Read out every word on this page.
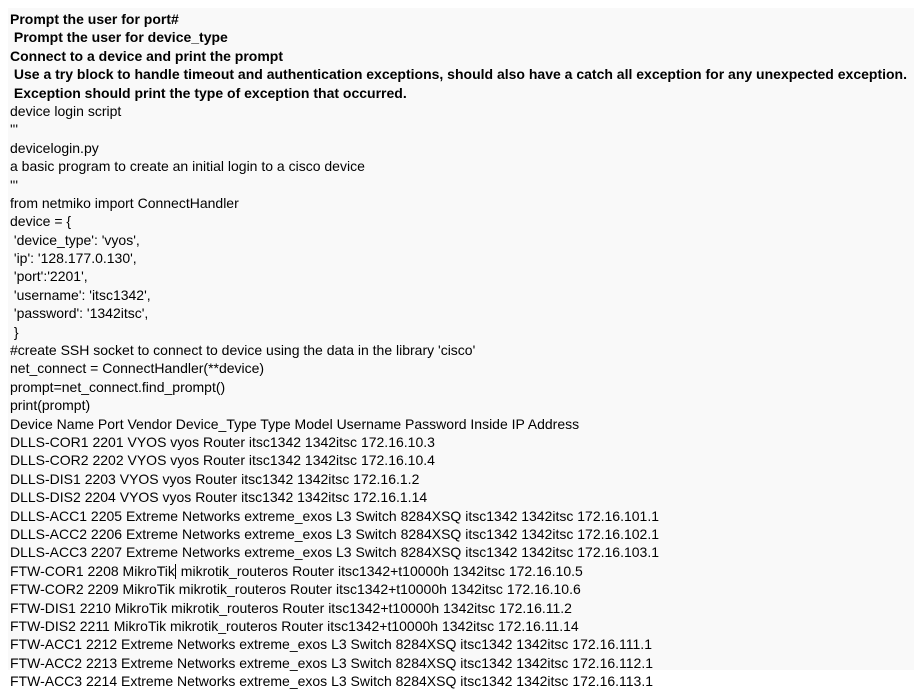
Prompt the user for port#
Prompt the user for device_type
Connect to a device and print the prompt
Use a try block to handle timeout and authentication exceptions, should also have a catch all exception for any unexpected exception.
Exception should print the type of exception that occurred.
device login script
'''
devicelogin.py
a basic program to create an initial login to a cisco device
'''
from netmiko import ConnectHandler
device = {
'device_type': 'vyos',
'ip': '128.177.0.130',
'port':'2201',
'username': 'itsc1342',
'password': '1342itsc',
}
#create SSH socket to connect to device using the data in the library 'cisco'
net_connect = ConnectHandler(**device)
prompt=net_connect.find_prompt()
print(prompt)
Device Name Port Vendor Device_Type Type Model Username Password Inside IP Address
DLLS-COR1 2201 VYOS vyos Router itsc1342 1342itsc 172.16.10.3
DLLS-COR2 2202 VYOS vyos Router itsc1342 1342itsc 172.16.10.4
DLLS-DIS1 2203 VYOS vyos Router itsc1342 1342itsc 172.16.1.2
DLLS-DIS2 2204 VYOS vyos Router itsc1342 1342itsc 172.16.1.14
DLLS-ACC1 2205 Extreme Networks extreme_exos L3 Switch 8284XSQ itsc1342 1342itsc 172.16.101.1
DLLS-ACC2 2206 Extreme Networks extreme_exos L3 Switch 8284XSQ itsc1342 1342itsc 172.16.102.1
DLLS-ACC3 2207 Extreme Networks extreme_exos L3 Switch 8284XSQ itsc1342 1342itsc 172.16.103.1
FTW-COR1 2208 MikroTik mikrotik_routeros Router itsc1342+t10000h 1342itsc 172.16.10.5
FTW-COR2 2209 MikroTik mikrotik_routeros Router itsc1342+t10000h 1342itsc 172.16.10.6
FTW-DIS1 2210 MikroTik mikrotik_routeros Router itsc1342+t10000h 1342itsc 172.16.11.2
FTW-DIS2 2211 MikroTik mikrotik_routeros Router itsc1342+t10000h 1342itsc 172.16.11.14
FTW-ACC1 2212 Extreme Networks extreme_exos L3 Switch 8284XSQ itsc1342 1342itsc 172.16.111.1
FTW-ACC2 2213 Extreme Networks extreme_exos L3 Switch 8284XSQ itsc1342 1342itsc 172.16.112.1
FTW-ACC3 2214 Extreme Networks extreme_exos L3 Switch 8284XSQ itsc1342 1342itsc 172.16.113.1
